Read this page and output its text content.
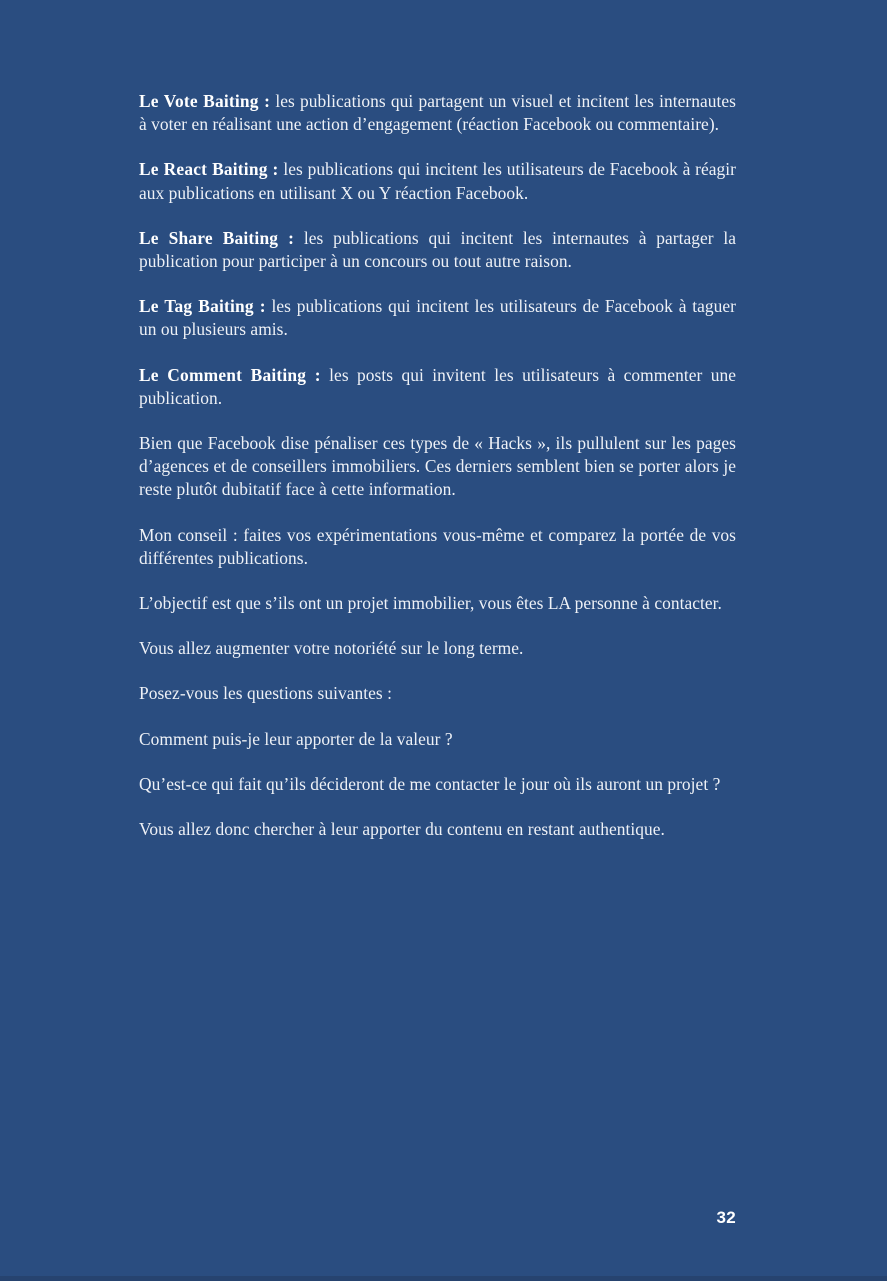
Le Vote Baiting : les publications qui partagent un visuel et incitent les internautes à voter en réalisant une action d’engagement (réaction Facebook ou commentaire).

Le React Baiting : les publications qui incitent les utilisateurs de Facebook à réagir aux publications en utilisant X ou Y réaction Facebook.

Le Share Baiting : les publications qui incitent les internautes à partager la publication pour participer à un concours ou tout autre raison.

Le Tag Baiting : les publications qui incitent les utilisateurs de Facebook à taguer un ou plusieurs amis.

Le Comment Baiting : les posts qui invitent les utilisateurs à commenter une publication.

Bien que Facebook dise pénaliser ces types de « Hacks », ils pullulent sur les pages d’agences et de conseillers immobiliers. Ces derniers semblent bien se porter alors je reste plutôt dubitatif face à cette information.

Mon conseil : faites vos expérimentations vous-même et comparez la portée de vos différentes publications.

L’objectif est que s’ils ont un projet immobilier, vous êtes LA personne à contacter.

Vous allez augmenter votre notoriété sur le long terme.

Posez-vous les questions suivantes :

Comment puis-je leur apporter de la valeur ?

Qu’est-ce qui fait qu’ils décideront de me contacter le jour où ils auront un projet ?

Vous allez donc chercher à leur apporter du contenu en restant authentique.

32
